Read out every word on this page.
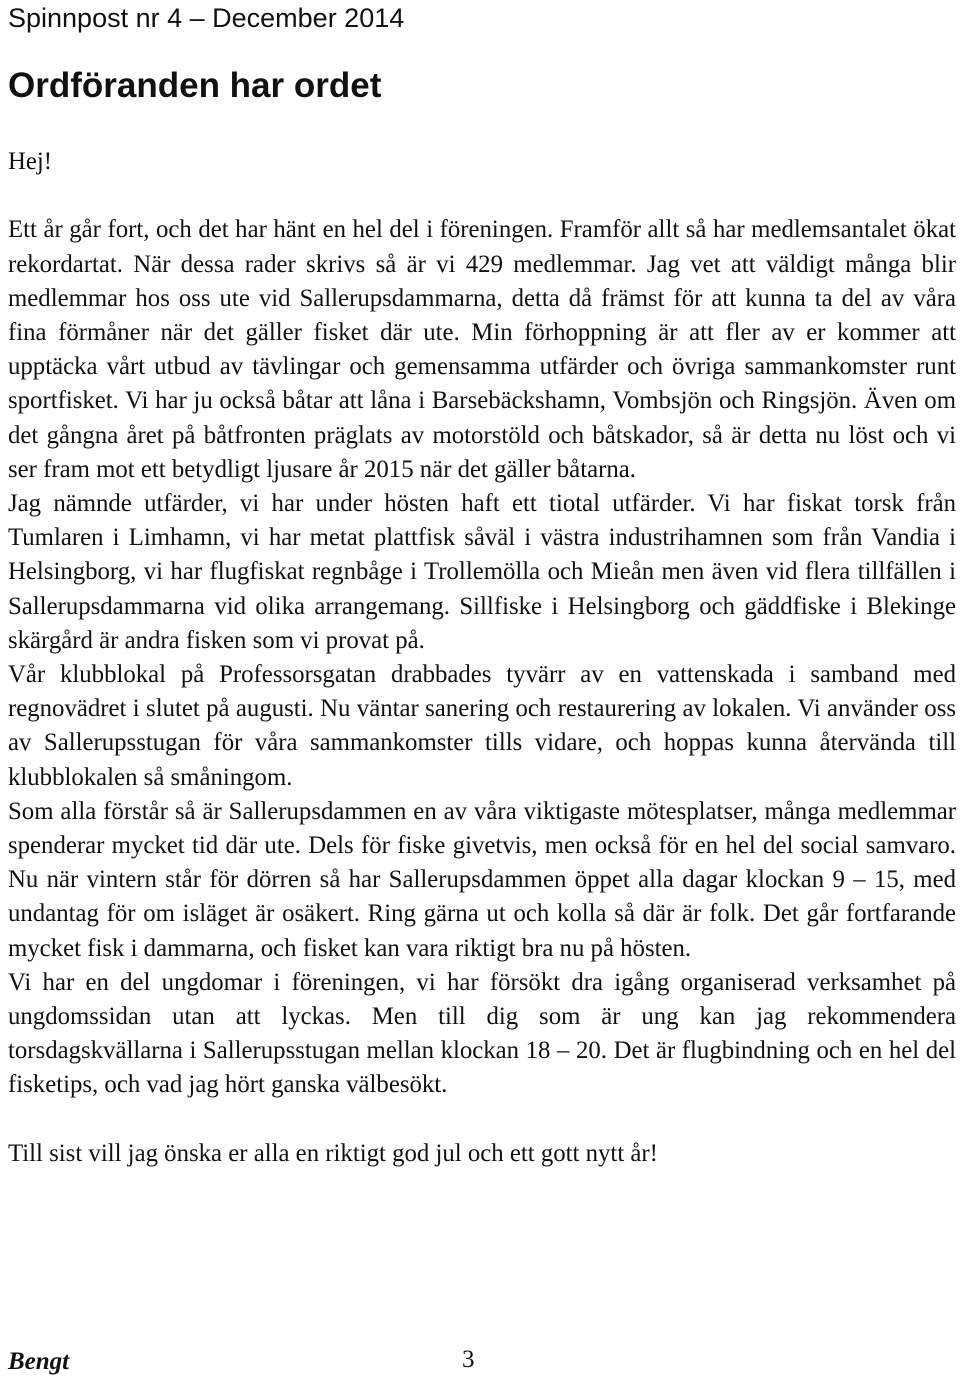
Spinnpost nr 4 – December 2014
Ordföranden har ordet

Hej!

Ett år går fort, och det har hänt en hel del i föreningen. Framför allt så har medlemsantalet ökat rekordartat. När dessa rader skrivs så är vi 429 medlemmar. Jag vet att väldigt många blir medlemmar hos oss ute vid Sallerupsdammarna, detta då främst för att kunna ta del av våra fina förmåner när det gäller fisket där ute. Min förhoppning är att fler av er kommer att upptäcka vårt utbud av tävlingar och gemensamma utfärder och övriga sammankomster runt sportfisket. Vi har ju också båtar att låna i Barsebäckshamn, Vombsjön och Ringsjön. Även om det gångna året på båtfronten präglats av motorstöld och båtskador, så är detta nu löst och vi ser fram mot ett betydligt ljusare år 2015 när det gäller båtarna.

Jag nämnde utfärder, vi har under hösten haft ett tiotal utfärder. Vi har fiskat torsk från Tumlaren i Limhamn, vi har metat plattfisk såväl i västra industrihamnen som från Vandia i Helsingborg, vi har flugfiskat regnbåge i Trollemölla och Mieån men även vid flera tillfällen i Sallerupsdammarna vid olika arrangemang. Sillfiske i Helsingborg och gäddfiske i Blekinge skärgård är andra fisken som vi provat på.

Vår klubblokal på Professorsgatan drabbades tyvärr av en vattenskada i samband med regnovädret i slutet på augusti. Nu väntar sanering och restaurering av lokalen. Vi använder oss av Sallerupsstugan för våra sammankomster tills vidare, och hoppas kunna återvända till klubblokalen så småningom.

Som alla förstår så är Sallerupsdammen en av våra viktigaste mötesplatser, många medlemmar spenderar mycket tid där ute. Dels för fiske givetvis, men också för en hel del social samvaro. Nu när vintern står för dörren så har Sallerupsdammen öppet alla dagar klockan 9 – 15, med undantag för om isläget är osäkert. Ring gärna ut och kolla så där är folk. Det går fortfarande mycket fisk i dammarna, och fisket kan vara riktigt bra nu på hösten.

Vi har en del ungdomar i föreningen, vi har försökt dra igång organiserad verksamhet på ungdomssidan utan att lyckas. Men till dig som är ung kan jag rekommendera torsdagskvällarna i Sallerupsstugan mellan klockan 18 – 20. Det är flugbindning och en hel del fisketips, och vad jag hört ganska välbesökt.

Till sist vill jag önska er alla en riktigt god jul och ett gott nytt år!

Bengt	3
